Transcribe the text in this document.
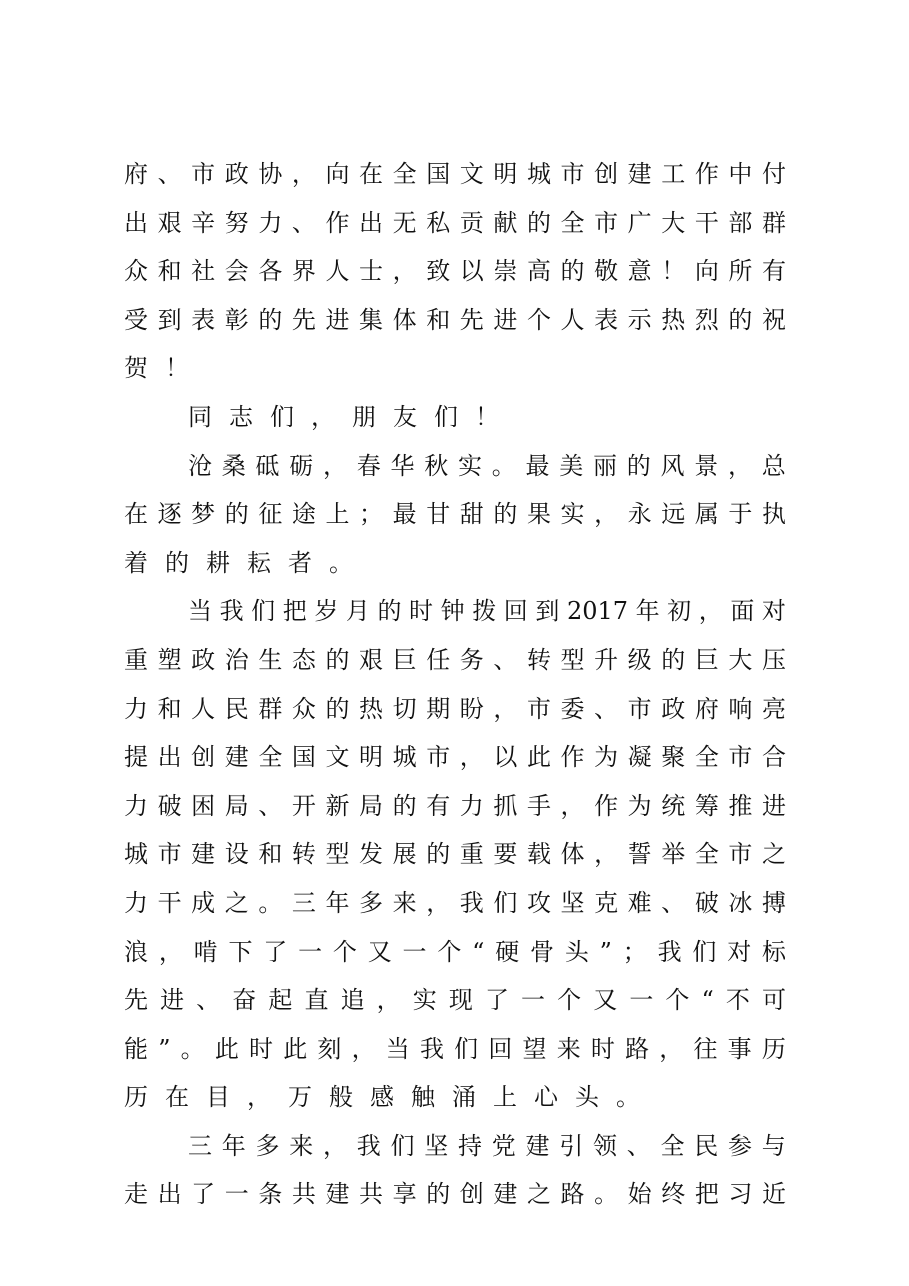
府 、 市 政 协 ， 向 在 全 国 文 明 城 市 创 建 工 作 中 付
出 艰 辛 努 力 、 作 出 无 私 贡 献 的 全 市 广 大 干 部 群
众 和 社 会 各 界 人 士 ， 致 以 崇 高 的 敬 意 ！ 向 所 有
受 到 表 彰 的 先 进 集 体 和 先 进 个 人 表 示 热 烈 的 祝
贺 ！
同 志 们 ， 朋 友 们 ！
沧 桑 砥 砺 ， 春 华 秋 实 。 最 美 丽 的 风 景 ， 总
在 逐 梦 的 征 途 上 ； 最 甘 甜 的 果 实 ， 永 远 属 于 执
着 的 耕 耘 者 。
当 我 们 把 岁 月 的 时 钟 拨 回 到 2017 年 初 ， 面 对
重 塑 政 治 生 态 的 艰 巨 任 务 、 转 型 升 级 的 巨 大 压
力 和 人 民 群 众 的 热 切 期 盼 ， 市 委 、 市 政 府 响 亮
提 出 创 建 全 国 文 明 城 市 ， 以 此 作 为 凝 聚 全 市 合
力 破 困 局 、 开 新 局 的 有 力 抓 手 ， 作 为 统 筹 推 进
城 市 建 设 和 转 型 发 展 的 重 要 载 体 ， 誓 举 全 市 之
力 干 成 之 。 三 年 多 来 ， 我 们 攻 坚 克 难 、 破 冰 搏
浪 ， 啃 下 了 一 个 又 一 个 “ 硬 骨 头 ” ； 我 们 对 标
先 进 、 奋 起 直 追 ， 实 现 了 一 个 又 一 个 “ 不 可
能 ” 。 此 时 此 刻 ， 当 我 们 回 望 来 时 路 ， 往 事 历
历 在 目 ， 万 般 感 触 涌 上 心 头 。
三 年 多 来 ， 我 们 坚 持 党 建 引 领 、 全 民 参 与
走 出 了 一 条 共 建 共 享 的 创 建 之 路 。 始 终 把 习 近
